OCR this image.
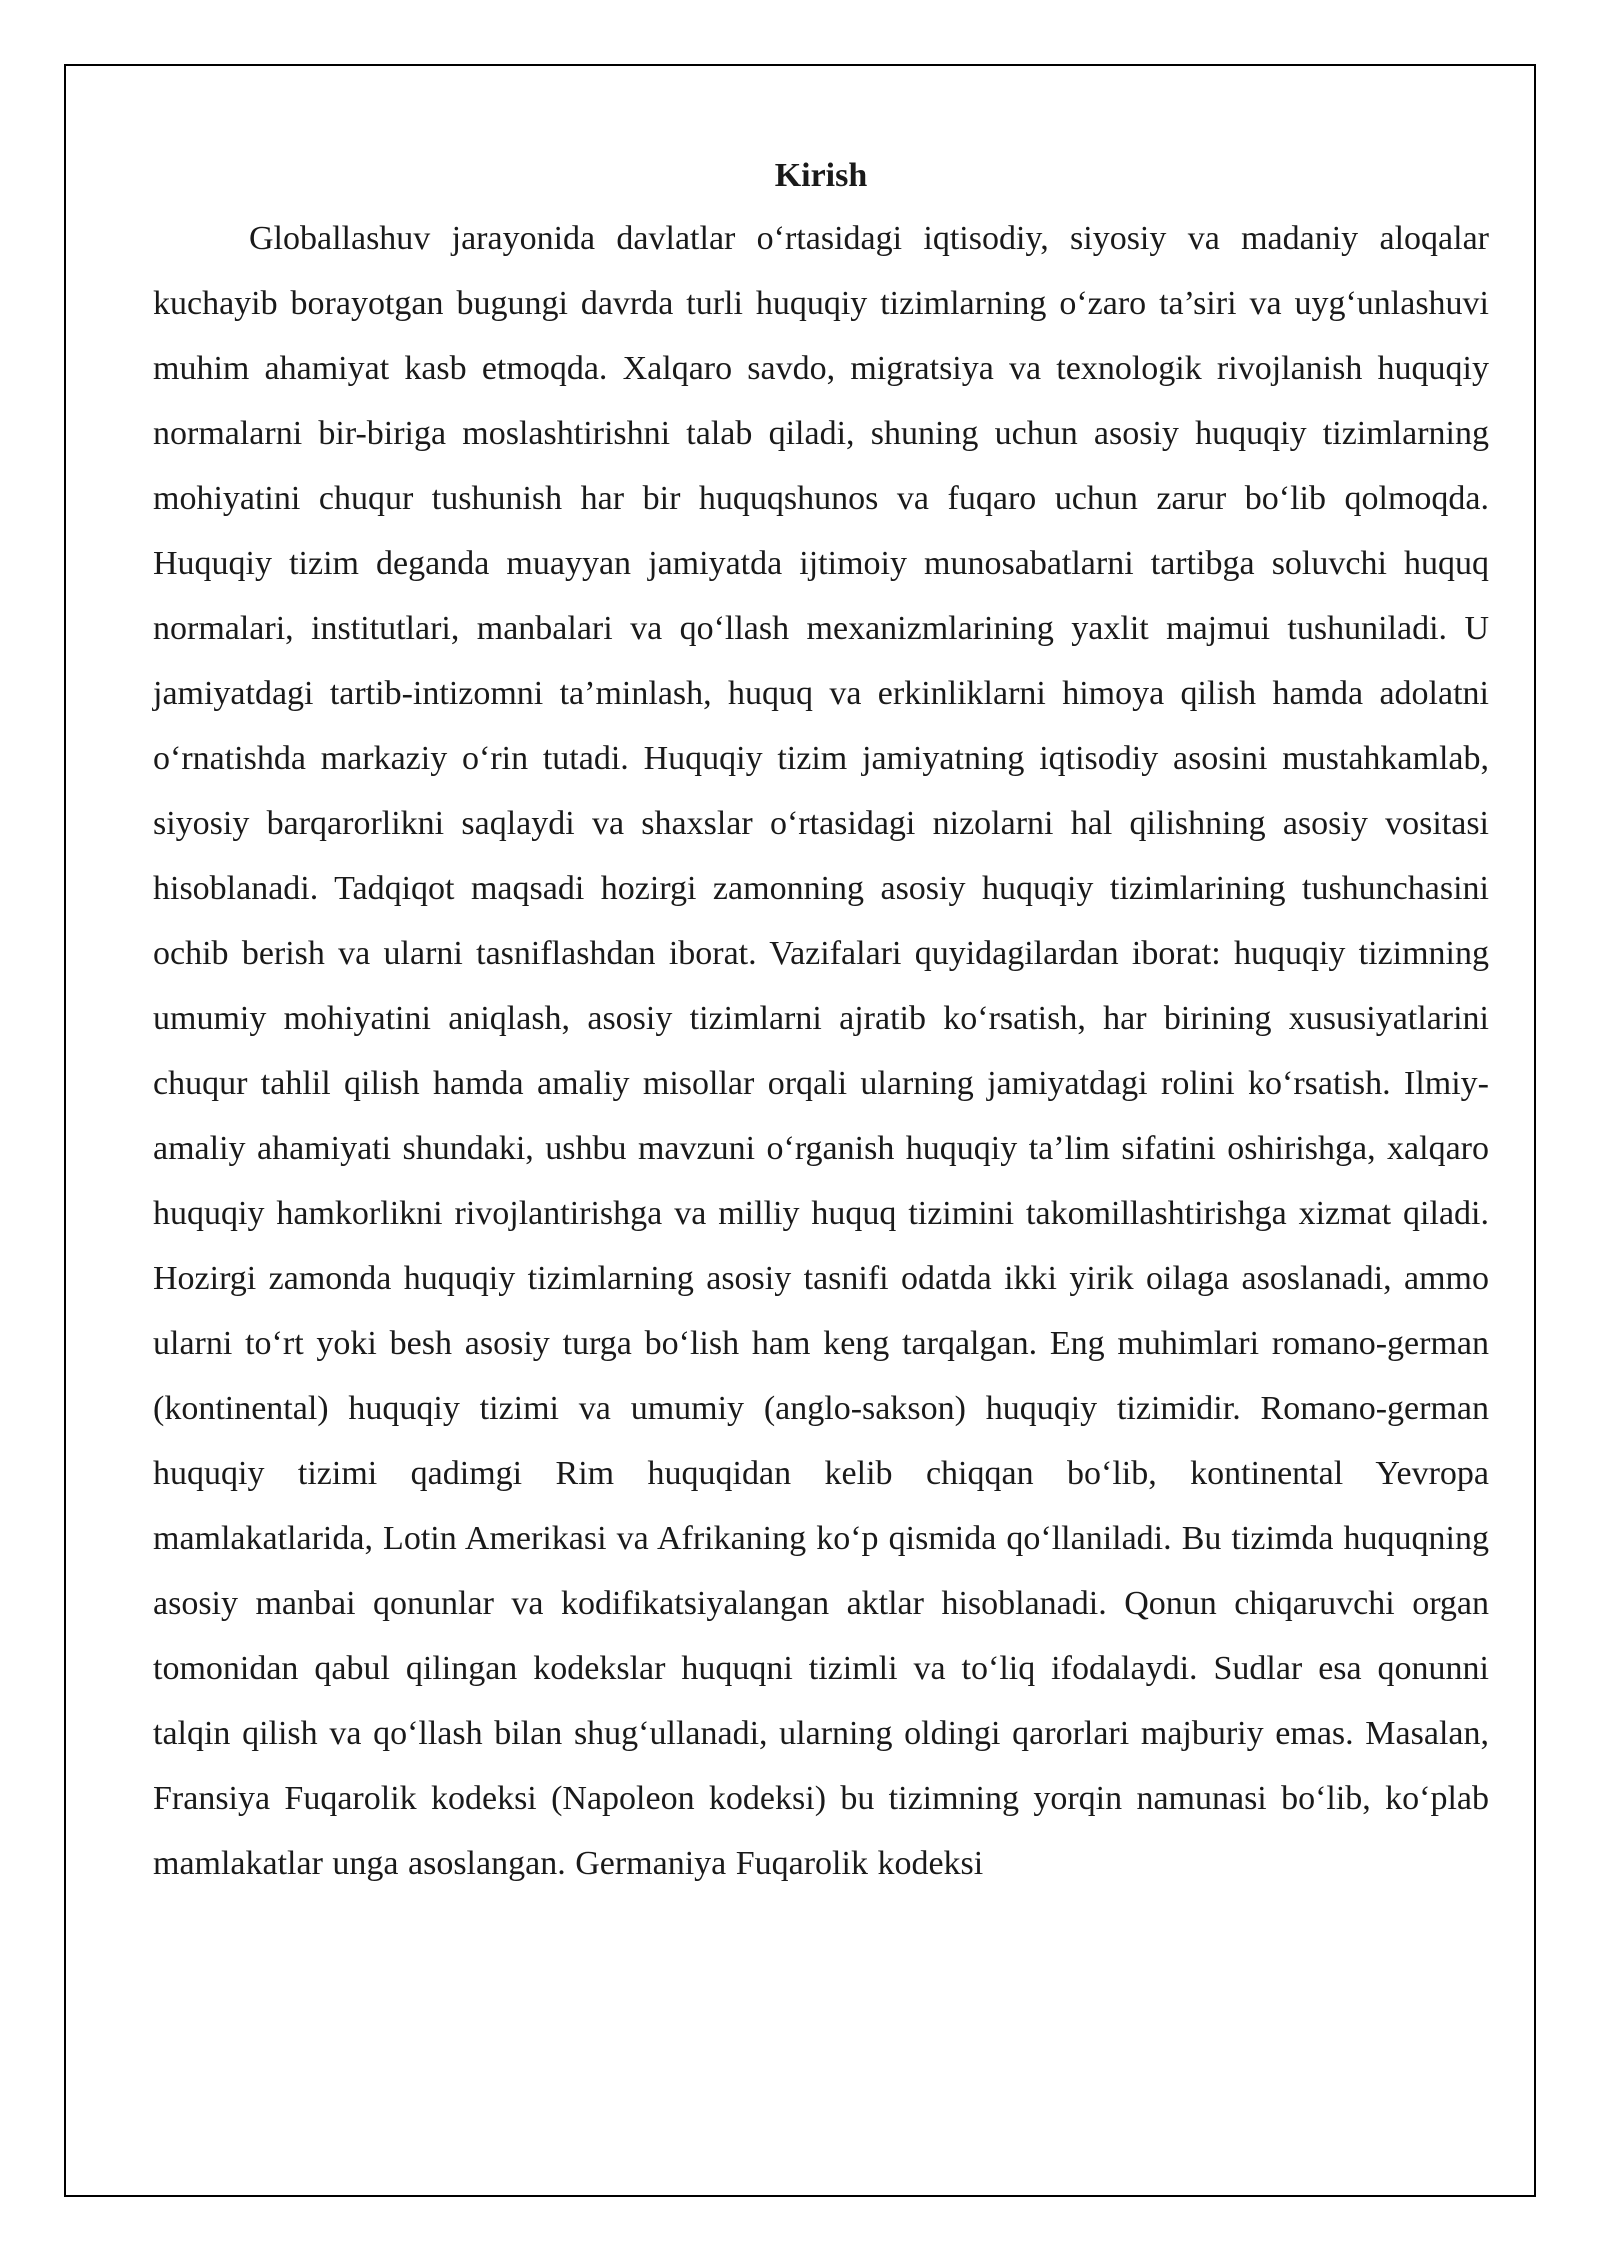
Kirish

Globallashuv jarayonida davlatlar o‘rtasidagi iqtisodiy, siyosiy va madaniy aloqalar kuchayib borayotgan bugungi davrda turli huquqiy tizimlarning o‘zaro ta’siri va uyg‘unlashuvi muhim ahamiyat kasb etmoqda. Xalqaro savdo, migratsiya va texnologik rivojlanish huquqiy normalarni bir-biriga moslashtirishni talab qiladi, shuning uchun asosiy huquqiy tizimlarning mohiyatini chuqur tushunish har bir huquqshunos va fuqaro uchun zarur bo‘lib qolmoqda. Huquqiy tizim deganda muayyan jamiyatda ijtimoiy munosabatlarni tartibga soluvchi huquq normalari, institutlari, manbalari va qo‘llash mexanizmlarining yaxlit majmui tushuniladi. U jamiyatdagi tartib-intizomni ta’minlash, huquq va erkinliklarni himoya qilish hamda adolatni o‘rnatishda markaziy o‘rin tutadi. Huquqiy tizim jamiyatning iqtisodiy asosini mustahkamlab, siyosiy barqarorlikni saqlaydi va shaxslar o‘rtasidagi nizolarni hal qilishning asosiy vositasi hisoblanadi. Tadqiqot maqsadi hozirgi zamonning asosiy huquqiy tizimlarining tushunchasini ochib berish va ularni tasniflashdan iborat. Vazifalari quyidagilardan iborat: huquqiy tizimning umumiy mohiyatini aniqlash, asosiy tizimlarni ajratib ko‘rsatish, har birining xususiyatlarini chuqur tahlil qilish hamda amaliy misollar orqali ularning jamiyatdagi rolini ko‘rsatish. Ilmiy-amaliy ahamiyati shundaki, ushbu mavzuni o‘rganish huquqiy ta’lim sifatini oshirishga, xalqaro huquqiy hamkorlikni rivojlantirishga va milliy huquq tizimini takomillashtirishga xizmat qiladi. Hozirgi zamonda huquqiy tizimlarning asosiy tasnifi odatda ikki yirik oilaga asoslanadi, ammo ularni to‘rt yoki besh asosiy turga bo‘lish ham keng tarqalgan. Eng muhimlari romano-german (kontinental) huquqiy tizimi va umumiy (anglo-sakson) huquqiy tizimidir. Romano-german huquqiy tizimi qadimgi Rim huquqidan kelib chiqqan bo‘lib, kontinental Yevropa mamlakatlarida, Lotin Amerikasi va Afrikaning ko‘p qismida qo‘llaniladi. Bu tizimda huquqning asosiy manbai qonunlar va kodifikatsiyalangan aktlar hisoblanadi. Qonun chiqaruvchi organ tomonidan qabul qilingan kodekslar huquqni tizimli va to‘liq ifodalaydi. Sudlar esa qonunni talqin qilish va qo‘llash bilan shug‘ullanadi, ularning oldingi qarorlari majburiy emas. Masalan, Fransiya Fuqarolik kodeksi (Napoleon kodeksi) bu tizimning yorqin namunasi bo‘lib, ko‘plab mamlakatlar unga asoslangan. Germaniya Fuqarolik kodeksi
